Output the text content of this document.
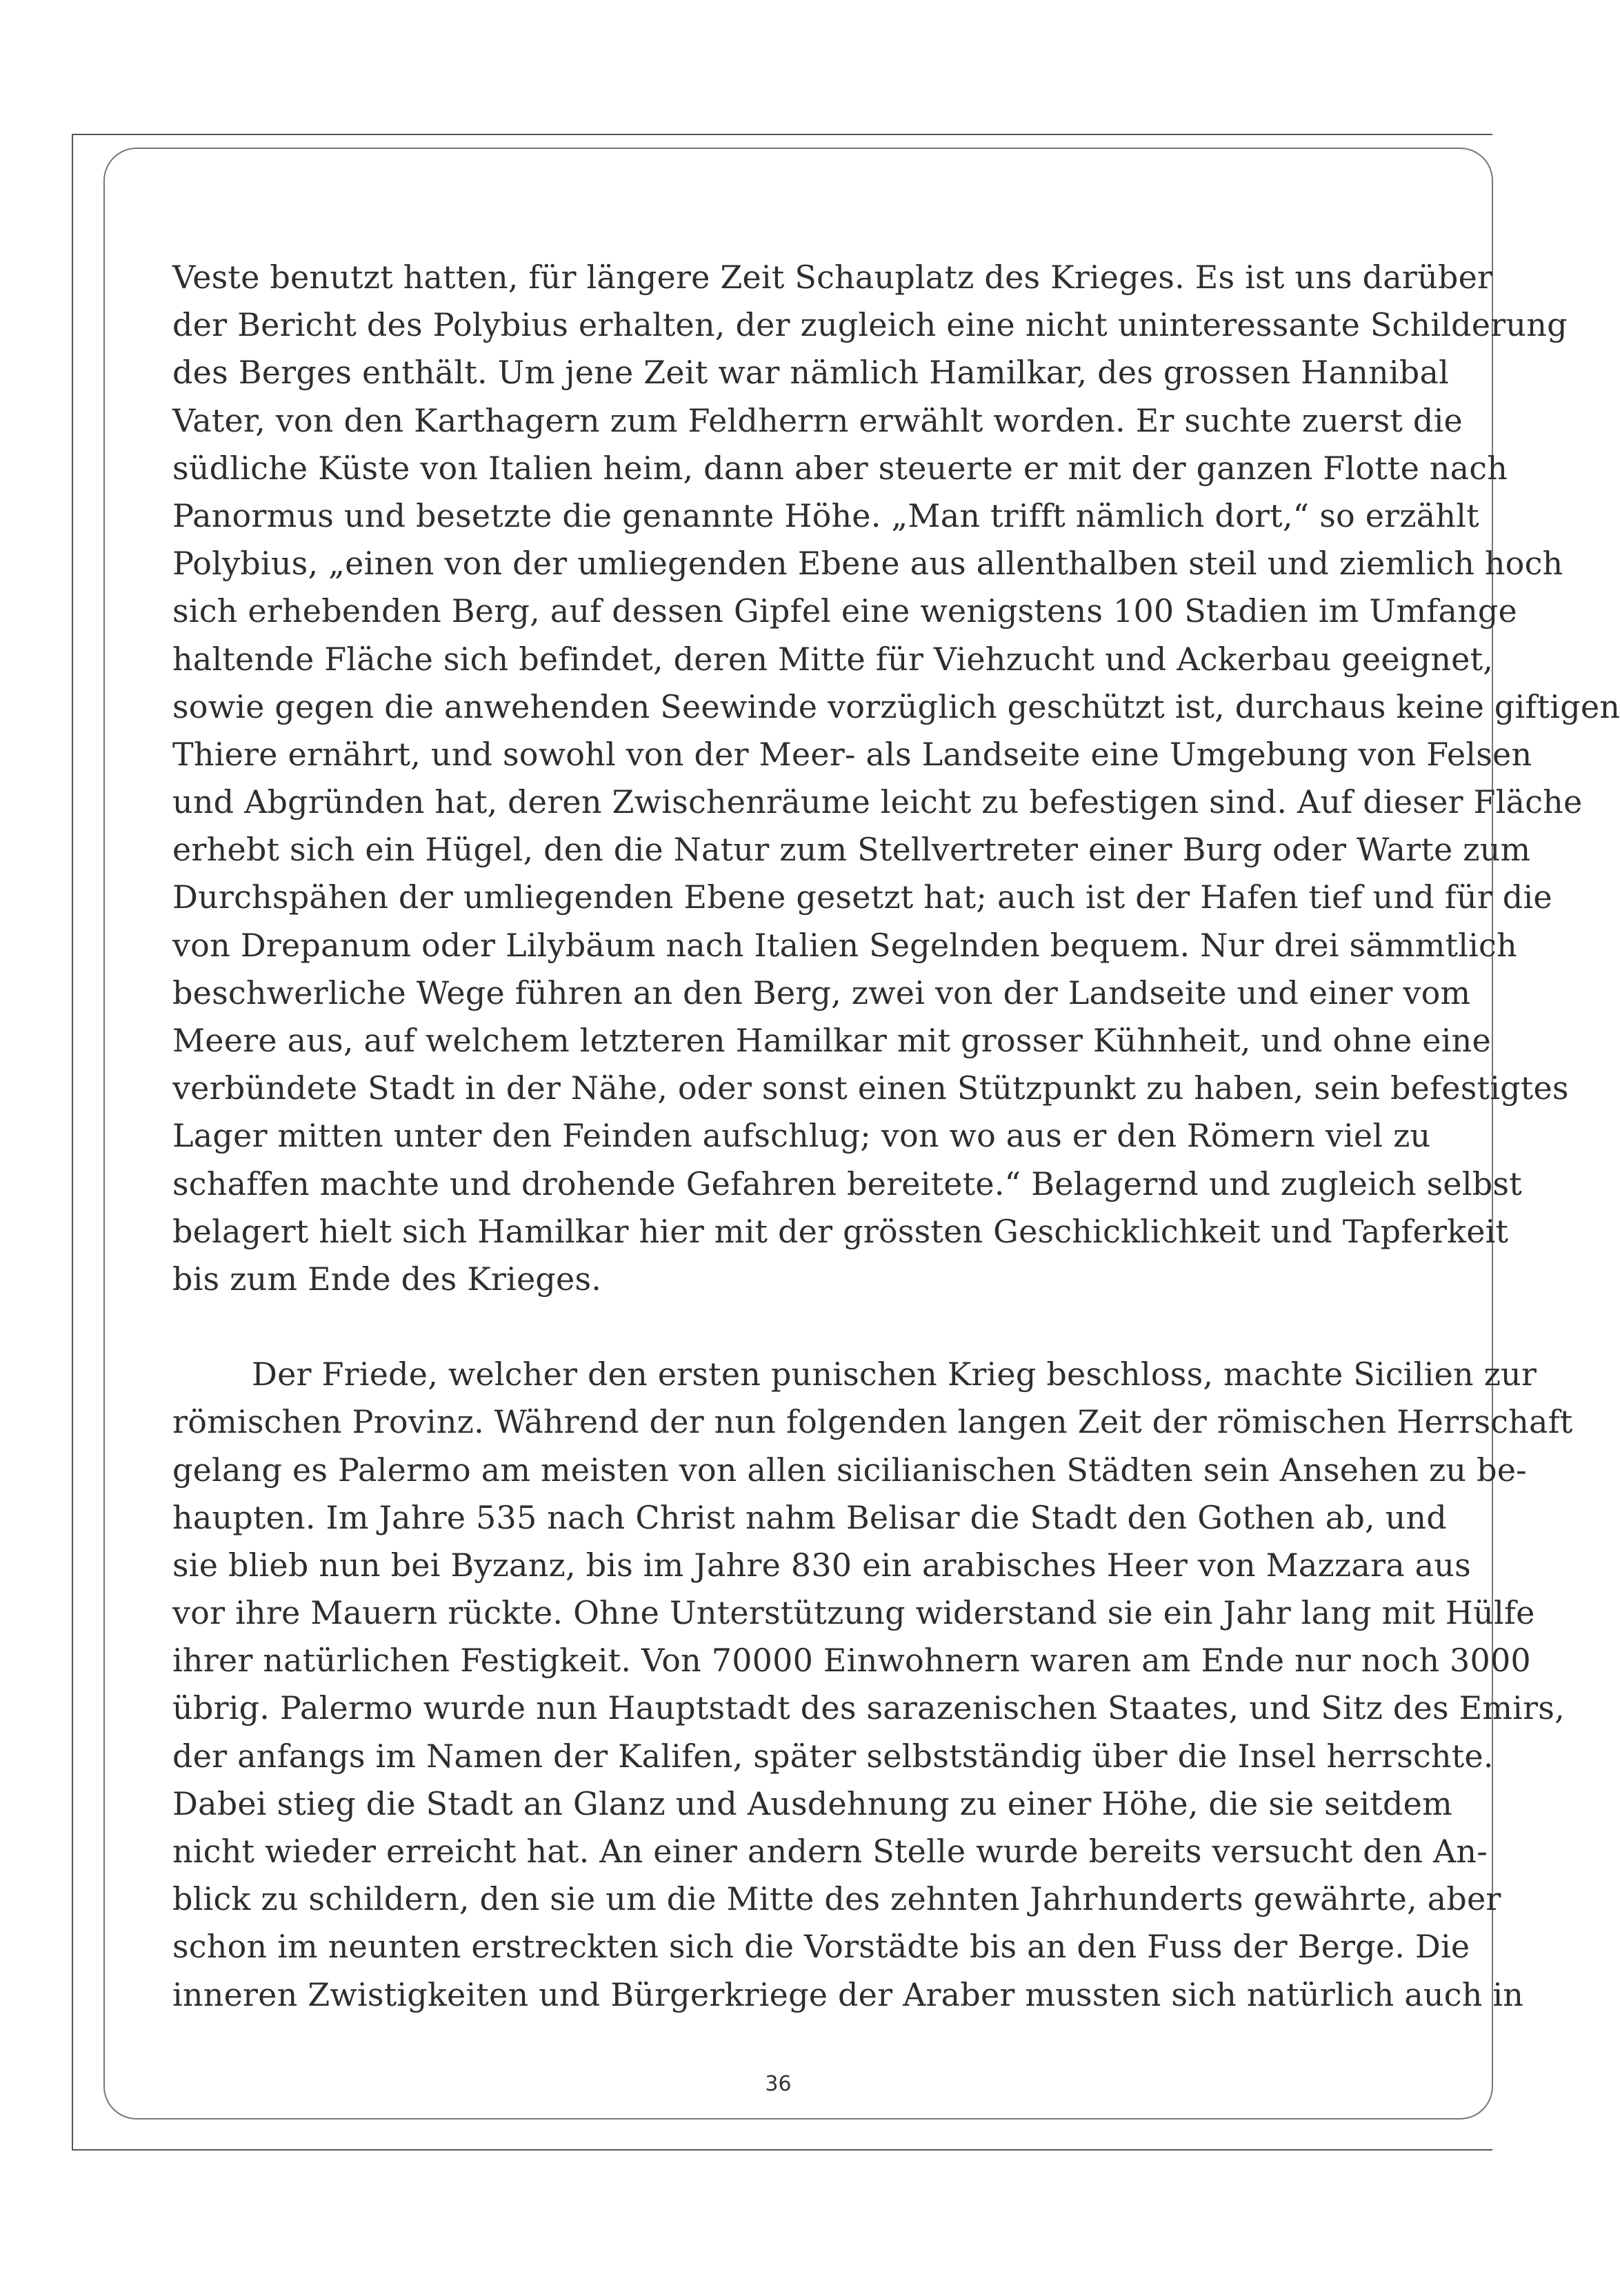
Veste benutzt hatten, für längere Zeit Schauplatz des Krieges. Es ist uns darüber
der Bericht des Polybius erhalten, der zugleich eine nicht uninteressante Schilderung
des Berges enthält. Um jene Zeit war nämlich Hamilkar, des grossen Hannibal
Vater, von den Karthagern zum Feldherrn erwählt worden. Er suchte zuerst die
südliche Küste von Italien heim, dann aber steuerte er mit der ganzen Flotte nach
Panormus und besetzte die genannte Höhe. „Man trifft nämlich dort,“ so erzählt
Polybius, „einen von der umliegenden Ebene aus allenthalben steil und ziemlich hoch
sich erhebenden Berg, auf dessen Gipfel eine wenigstens 100 Stadien im Umfange
haltende Fläche sich befindet, deren Mitte für Viehzucht und Ackerbau geeignet,
sowie gegen die anwehenden Seewinde vorzüglich geschützt ist, durchaus keine giftigen
Thiere ernährt, und sowohl von der Meer- als Landseite eine Umgebung von Felsen
und Abgründen hat, deren Zwischenräume leicht zu befestigen sind. Auf dieser Fläche
erhebt sich ein Hügel, den die Natur zum Stellvertreter einer Burg oder Warte zum
Durchspähen der umliegenden Ebene gesetzt hat; auch ist der Hafen tief und für die
von Drepanum oder Lilybäum nach Italien Segelnden bequem. Nur drei sämmtlich
beschwerliche Wege führen an den Berg, zwei von der Landseite und einer vom
Meere aus, auf welchem letzteren Hamilkar mit grosser Kühnheit, und ohne eine
verbündete Stadt in der Nähe, oder sonst einen Stützpunkt zu haben, sein befestigtes
Lager mitten unter den Feinden aufschlug; von wo aus er den Römern viel zu
schaffen machte und drohende Gefahren bereitete.“ Belagernd und zugleich selbst
belagert hielt sich Hamilkar hier mit der grössten Geschicklichkeit und Tapferkeit
bis zum Ende des Krieges.
Der Friede, welcher den ersten punischen Krieg beschloss, machte Sicilien zur
römischen Provinz. Während der nun folgenden langen Zeit der römischen Herrschaft
gelang es Palermo am meisten von allen sicilianischen Städten sein Ansehen zu be-
haupten. Im Jahre 535 nach Christ nahm Belisar die Stadt den Gothen ab, und
sie blieb nun bei Byzanz, bis im Jahre 830 ein arabisches Heer von Mazzara aus
vor ihre Mauern rückte. Ohne Unterstützung widerstand sie ein Jahr lang mit Hülfe
ihrer natürlichen Festigkeit. Von 70000 Einwohnern waren am Ende nur noch 3000
übrig. Palermo wurde nun Hauptstadt des sarazenischen Staates, und Sitz des Emirs,
der anfangs im Namen der Kalifen, später selbstständig über die Insel herrschte.
Dabei stieg die Stadt an Glanz und Ausdehnung zu einer Höhe, die sie seitdem
nicht wieder erreicht hat. An einer andern Stelle wurde bereits versucht den An-
blick zu schildern, den sie um die Mitte des zehnten Jahrhunderts gewährte, aber
schon im neunten erstreckten sich die Vorstädte bis an den Fuss der Berge. Die
inneren Zwistigkeiten und Bürgerkriege der Araber mussten sich natürlich auch in
36
